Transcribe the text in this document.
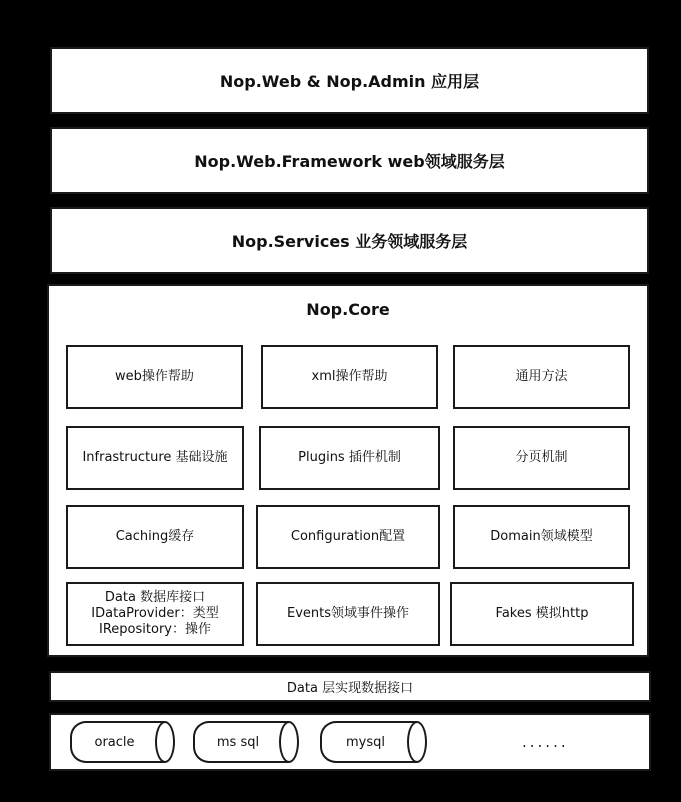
Nop.Web & Nop.Admin 应用层
Nop.Web.Framework web领域服务层
Nop.Services 业务领域服务层
Nop.Core
web操作帮助	xml操作帮助	通用方法
Infrastructure 基础设施	Plugins 插件机制	分页机制
Caching缓存	Configuration配置	Domain领域模型
Data 数据库接口
IDataProvider：类型
IRepository：操作
Events领域事件操作	Fakes 模拟http
Data 层实现数据接口
oracle	ms sql	mysql	......
